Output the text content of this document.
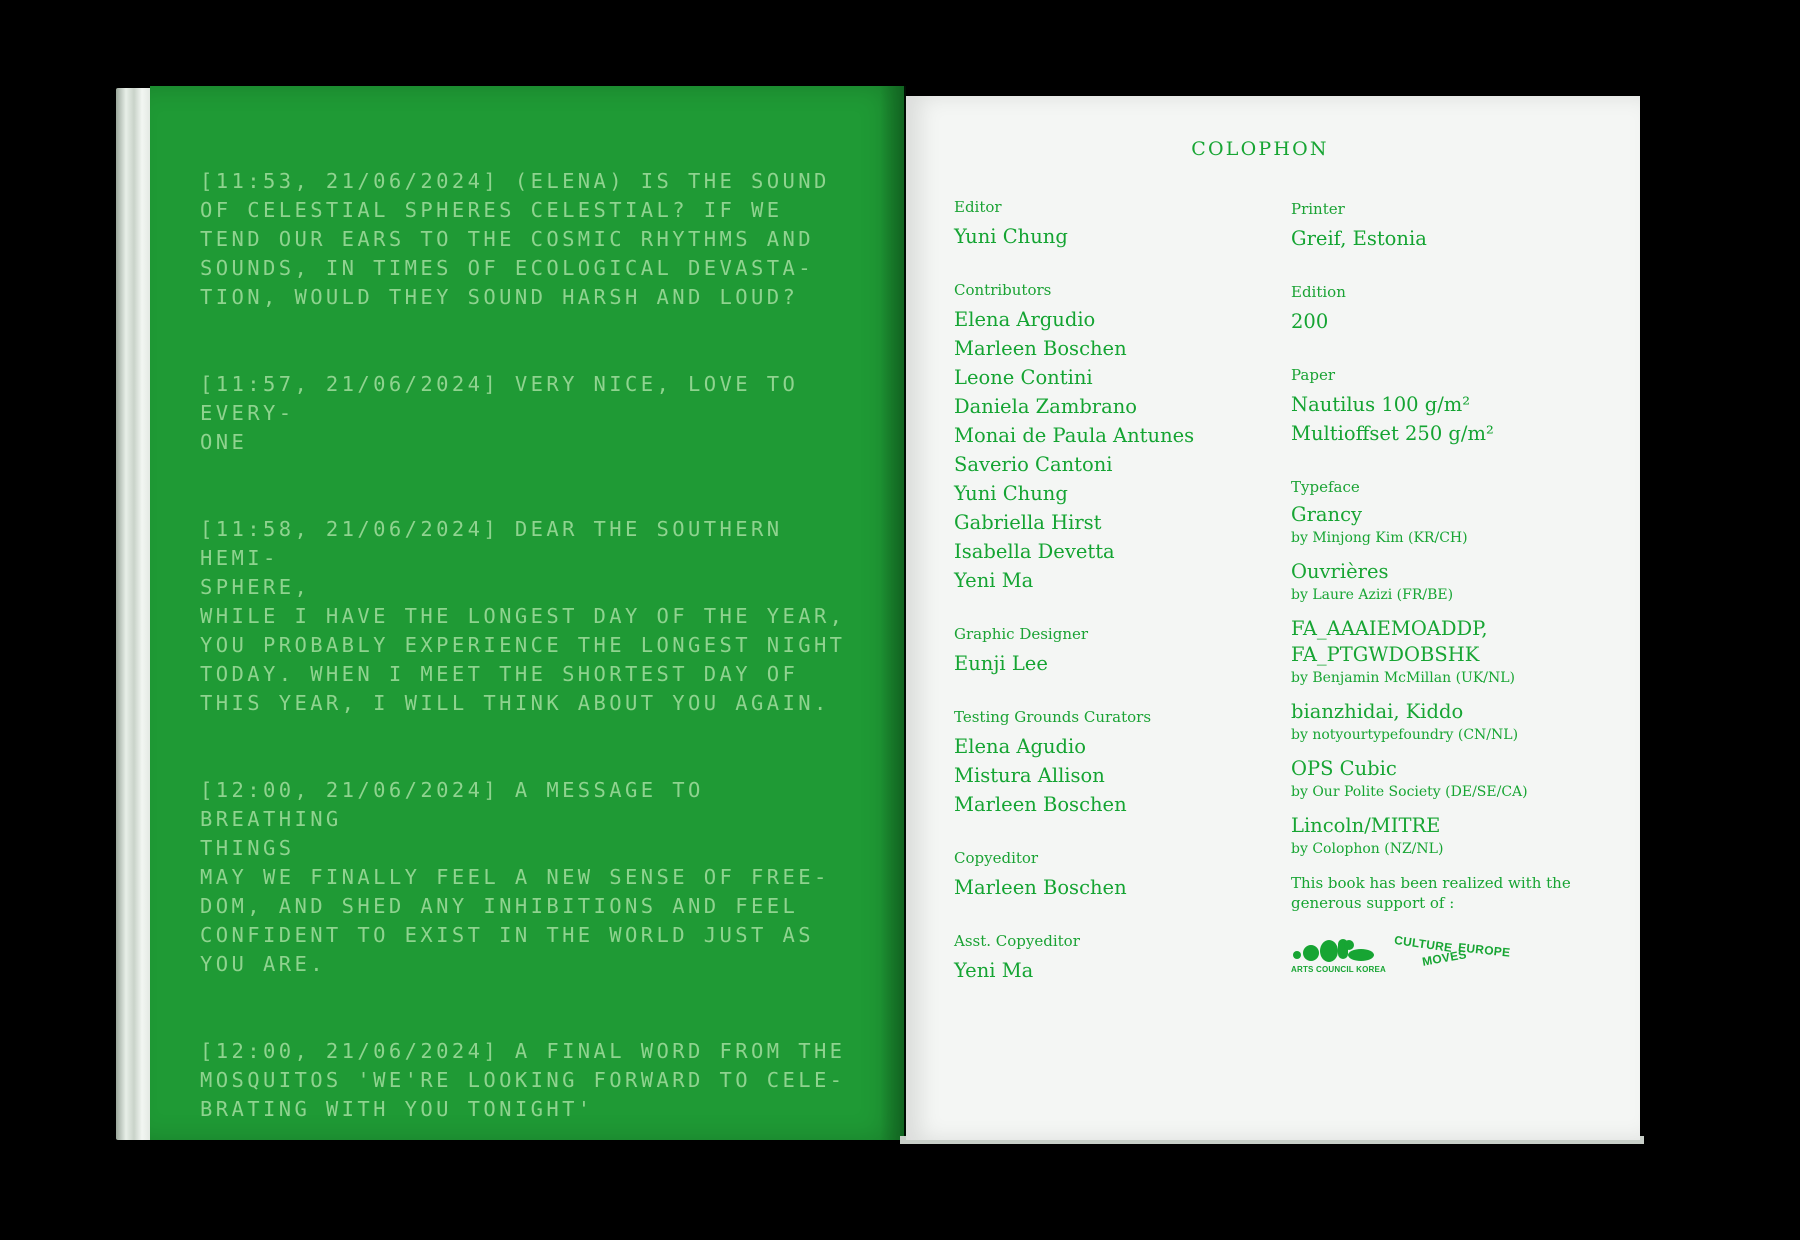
[11:53, 21/06/2024] (ELENA) IS THE SOUND
OF CELESTIAL SPHERES CELESTIAL? IF WE
TEND OUR EARS TO THE COSMIC RHYTHMS AND
SOUNDS, IN TIMES OF ECOLOGICAL DEVASTA-
TION, WOULD THEY SOUND HARSH AND LOUD?

[11:57, 21/06/2024] VERY NICE, LOVE TO EVERY-
ONE

[11:58, 21/06/2024] DEAR THE SOUTHERN HEMI-
SPHERE,
WHILE I HAVE THE LONGEST DAY OF THE YEAR,
YOU PROBABLY EXPERIENCE THE LONGEST NIGHT
TODAY. WHEN I MEET THE SHORTEST DAY OF
THIS YEAR, I WILL THINK ABOUT YOU AGAIN.

[12:00, 21/06/2024] A MESSAGE TO BREATHING
THINGS
MAY WE FINALLY FEEL A NEW SENSE OF FREE-
DOM, AND SHED ANY INHIBITIONS AND FEEL
CONFIDENT TO EXIST IN THE WORLD JUST AS
YOU ARE.

[12:00, 21/06/2024] A FINAL WORD FROM THE
MOSQUITOS 'WE'RE LOOKING FORWARD TO CELE-
BRATING WITH YOU TONIGHT'

COLOPHON
Editor
Yuni Chung
Contributors
Elena Argudio
Marleen Boschen
Leone Contini
Daniela Zambrano
Monai de Paula Antunes
Saverio Cantoni
Yuni Chung
Gabriella Hirst
Isabella Devetta
Yeni Ma
Graphic Designer
Eunji Lee
Testing Grounds Curators
Elena Agudio
Mistura Allison
Marleen Boschen
Copyeditor
Marleen Boschen
Asst. Copyeditor
Yeni Ma
Printer
Greif, Estonia
Edition
200
Paper
Nautilus 100 g/m²
Multioffset 250 g/m²
Typeface
Grancy
by Minjong Kim (KR/CH)
Ouvrières
by Laure Azizi (FR/BE)
FA_AAAIEMOADDP,
FA_PTGWDOBSHK
by Benjamin McMillan (UK/NL)
bianzhidai, Kiddo
by notyourtypefoundry (CN/NL)
OPS Cubic
by Our Polite Society (DE/SE/CA)
Lincoln/MITRE
by Colophon (NZ/NL)
This book has been realized with the generous support of :
ARTS COUNCIL KOREA
CULTURE
MOVES
EUROPE
